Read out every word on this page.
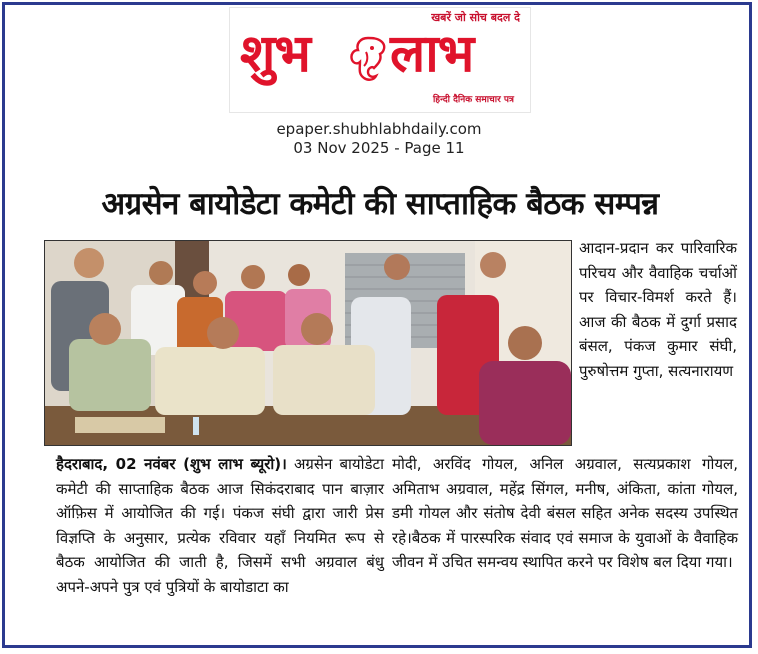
खबरें जो सोच बदल दे
शुभ लाभ
हिन्दी दैनिक समाचार पत्र
epaper.shubhlabhdaily.com
03 Nov 2025 - Page 11
अग्रसेन बायोडेटा कमेटी की साप्ताहिक बैठक सम्पन्न

आदान-प्रदान कर पारिवारिक परिचय और वैवाहिक चर्चाओं पर विचार-विमर्श करते हैं। आज की बैठक में दुर्गा प्रसाद बंसल, पंकज कुमार संघी, पुरुषोत्तम गुप्ता, सत्यनारायण

हैदराबाद, 02 नवंबर (शुभ लाभ ब्यूरो)। अग्रसेन बायोडेटा कमेटी की साप्ताहिक बैठक आज सिकंदराबाद पान बाज़ार ऑफ़िस में आयोजित की गई। पंकज संघी द्वारा जारी प्रेस विज्ञप्ति के अनुसार, प्रत्येक रविवार यहाँ नियमित रूप से बैठक आयोजित की जाती है, जिसमें सभी अग्रवाल बंधु अपने-अपने पुत्र एवं पुत्रियों के बायोडाटा का

मोदी, अरविंद गोयल, अनिल अग्रवाल, सत्यप्रकाश गोयल, अमिताभ अग्रवाल, महेंद्र सिंगल, मनीष, अंकिता, कांता गोयल, डमी गोयल और संतोष देवी बंसल सहित अनेक सदस्य उपस्थित रहे।बैठक में पारस्परिक संवाद एवं समाज के युवाओं के वैवाहिक जीवन में उचित समन्वय स्थापित करने पर विशेष बल दिया गया।
